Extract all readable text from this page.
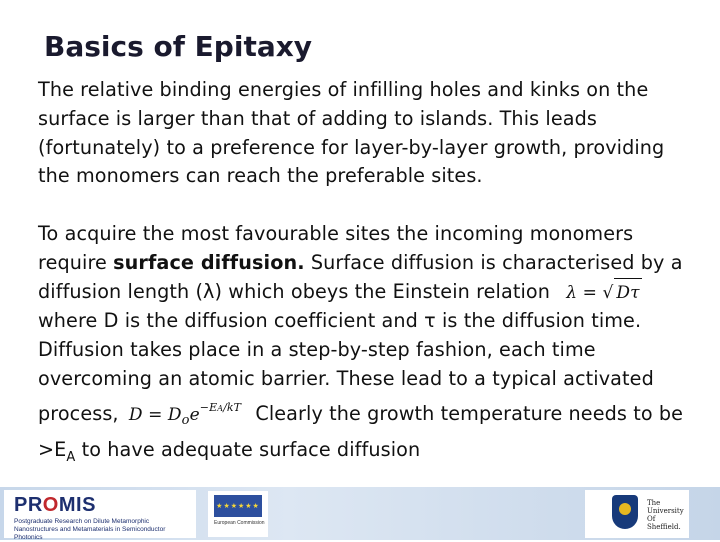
Basics of Epitaxy

The relative binding energies of infilling holes and kinks on the surface is larger than that of adding to islands. This leads (fortunately) to a preference for layer-by-layer growth, providing the monomers can reach the preferable sites.

To acquire the most favourable sites the incoming monomers require surface diffusion. Surface diffusion is characterised by a diffusion length (λ) which obeys the Einstein relation λ = √ Dτ where D is the diffusion coefficient and τ is the diffusion time. Diffusion takes place in a step-by-step fashion, each time overcoming an atomic barrier. These lead to a typical activated process, $D = D_oe^{-EA/kT}$ Clearly the growth temperature needs to be $>E_A$ to have adequate surface diffusion

PROMIS
Postgraduate Research on Dilute Metamorphic Nanostructures and Metamaterials in Semiconductor Photonics
★★★★★★
European Commission
The University Of Sheffield.
